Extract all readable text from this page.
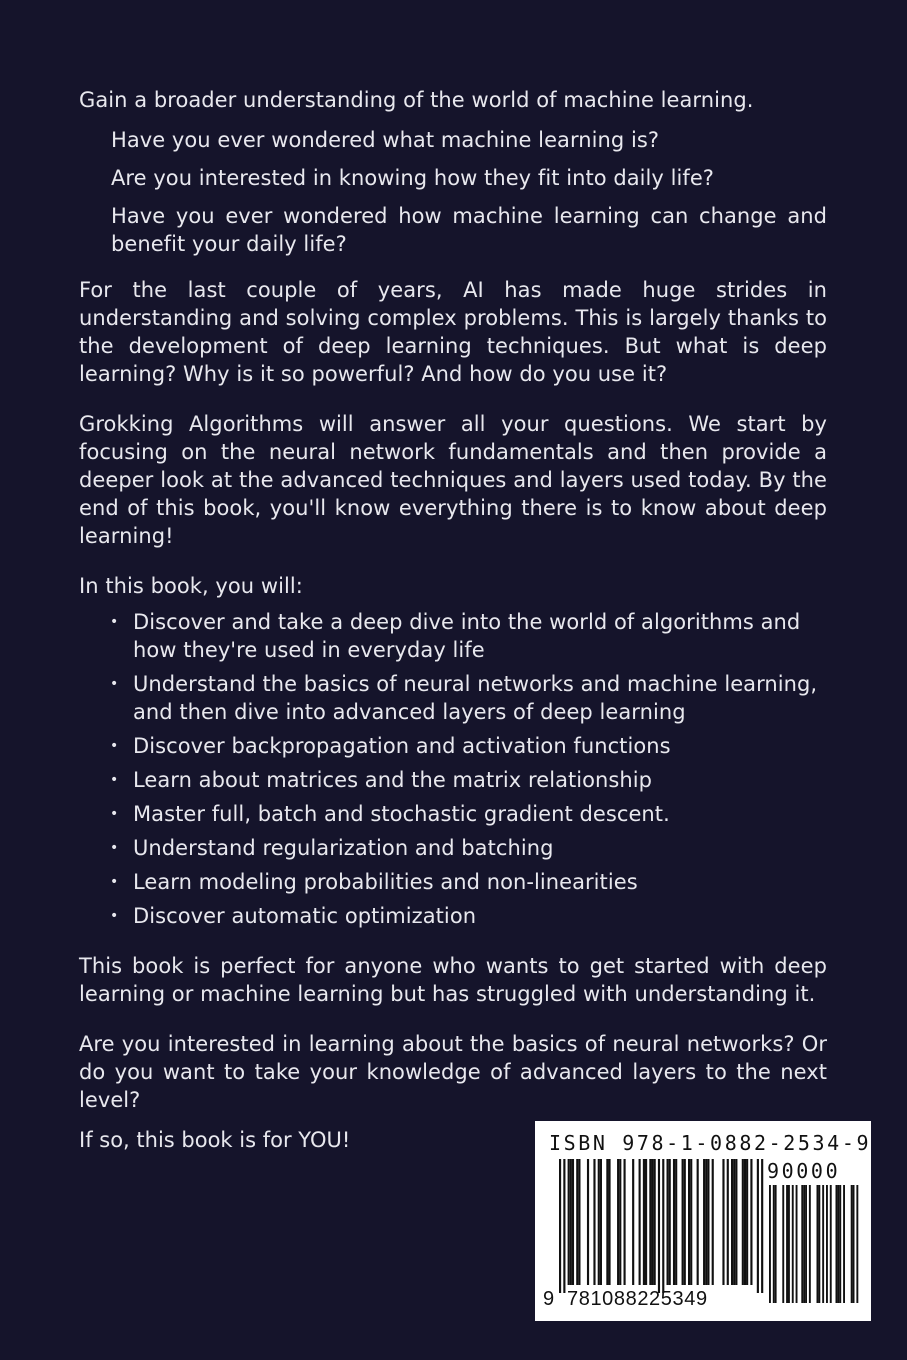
Gain a broader understanding of the world of machine learning.

Have you ever wondered what machine learning is?
Are you interested in knowing how they fit into daily life?
Have you ever wondered how machine learning can change and benefit your daily life?

For the last couple of years, AI has made huge strides in understanding and solving complex problems. This is largely thanks to the development of deep learning techniques. But what is deep learning? Why is it so powerful? And how do you use it?

Grokking Algorithms will answer all your questions. We start by focusing on the neural network fundamentals and then provide a deeper look at the advanced techniques and layers used today. By the end of this book, you'll know everything there is to know about deep learning!

In this book, you will:

• Discover and take a deep dive into the world of algorithms and how they're used in everyday life
• Understand the basics of neural networks and machine learning, and then dive into advanced layers of deep learning
• Discover backpropagation and activation functions
• Learn about matrices and the matrix relationship
• Master full, batch and stochastic gradient descent.
• Understand regularization and batching
• Learn modeling probabilities and non-linearities
• Discover automatic optimization

This book is perfect for anyone who wants to get started with deep learning or machine learning but has struggled with understanding it.

Are you interested in learning about the basics of neural networks? Or do you want to take your knowledge of advanced layers to the next level?

If so, this book is for YOU!	ISBN 978-1-0882-2534-9
90000
9 781088225349
